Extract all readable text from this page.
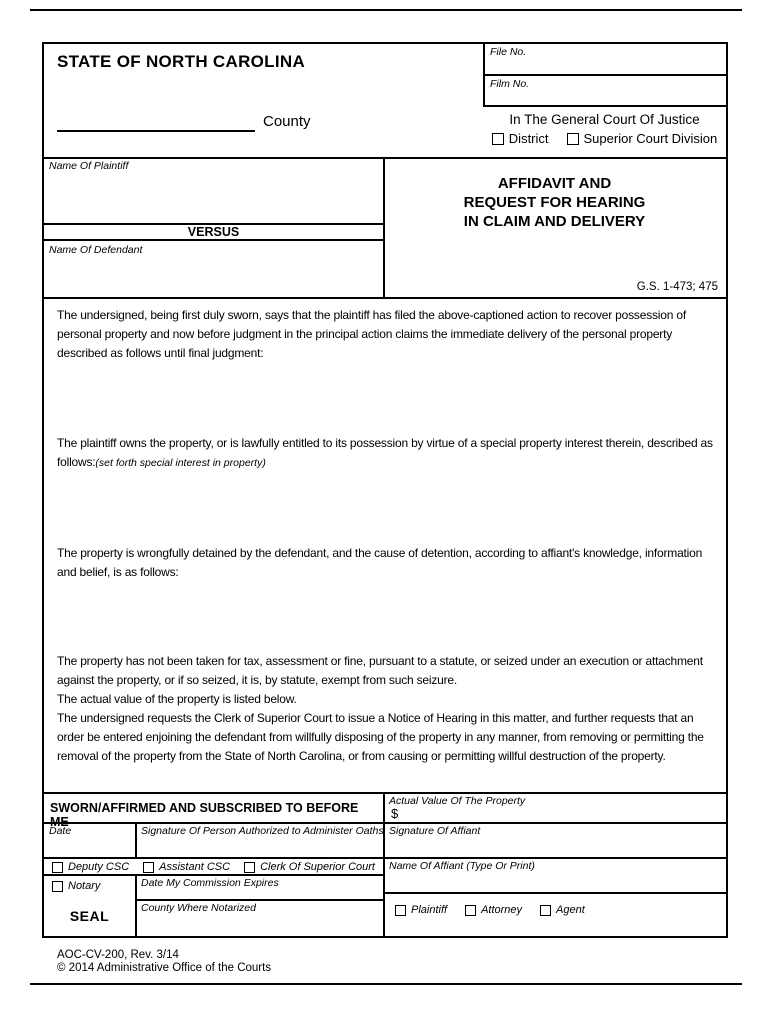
STATE OF NORTH CAROLINA
County
File No.
Film No.
In The General Court Of Justice
District	Superior Court Division
Name Of Plaintiff
VERSUS
Name Of Defendant
AFFIDAVIT AND
REQUEST FOR HEARING
IN CLAIM AND DELIVERY
G.S. 1-473; 475
The undersigned, being first duly sworn, says that the plaintiff has filed the above-captioned action to recover possession of personal property and now before judgment in the principal action claims the immediate delivery of the personal property described as follows until final judgment:
The plaintiff owns the property, or is lawfully entitled to its possession by virtue of a special property interest therein, described as follows:(set forth special interest in property)
The property is wrongfully detained by the defendant, and the cause of detention, according to affiant's knowledge, information and belief, is as follows:
The property has not been taken for tax, assessment or fine, pursuant to a statute, or seized under an execution or attachment against the property, or if so seized, it is, by statute, exempt from such seizure.
The actual value of the property is listed below.
The undersigned requests the Clerk of Superior Court to issue a Notice of Hearing in this matter, and further requests that an order be entered enjoining the defendant from willfully disposing of the property in any manner, from removing or permitting the removal of the property from the State of North Carolina, or from causing or permitting willful destruction of the property.
SWORN/AFFIRMED AND SUBSCRIBED TO BEFORE ME
Date	Signature Of Person Authorized to Administer Oaths
Deputy CSC	Assistant CSC	Clerk Of Superior Court
Notary	Date My Commission Expires
SEAL	County Where Notarized
Actual Value Of The Property
$
Signature Of Affiant
Name Of Affiant (Type Or Print)
Plaintiff	Attorney	Agent
AOC-CV-200, Rev. 3/14
© 2014 Administrative Office of the Courts
